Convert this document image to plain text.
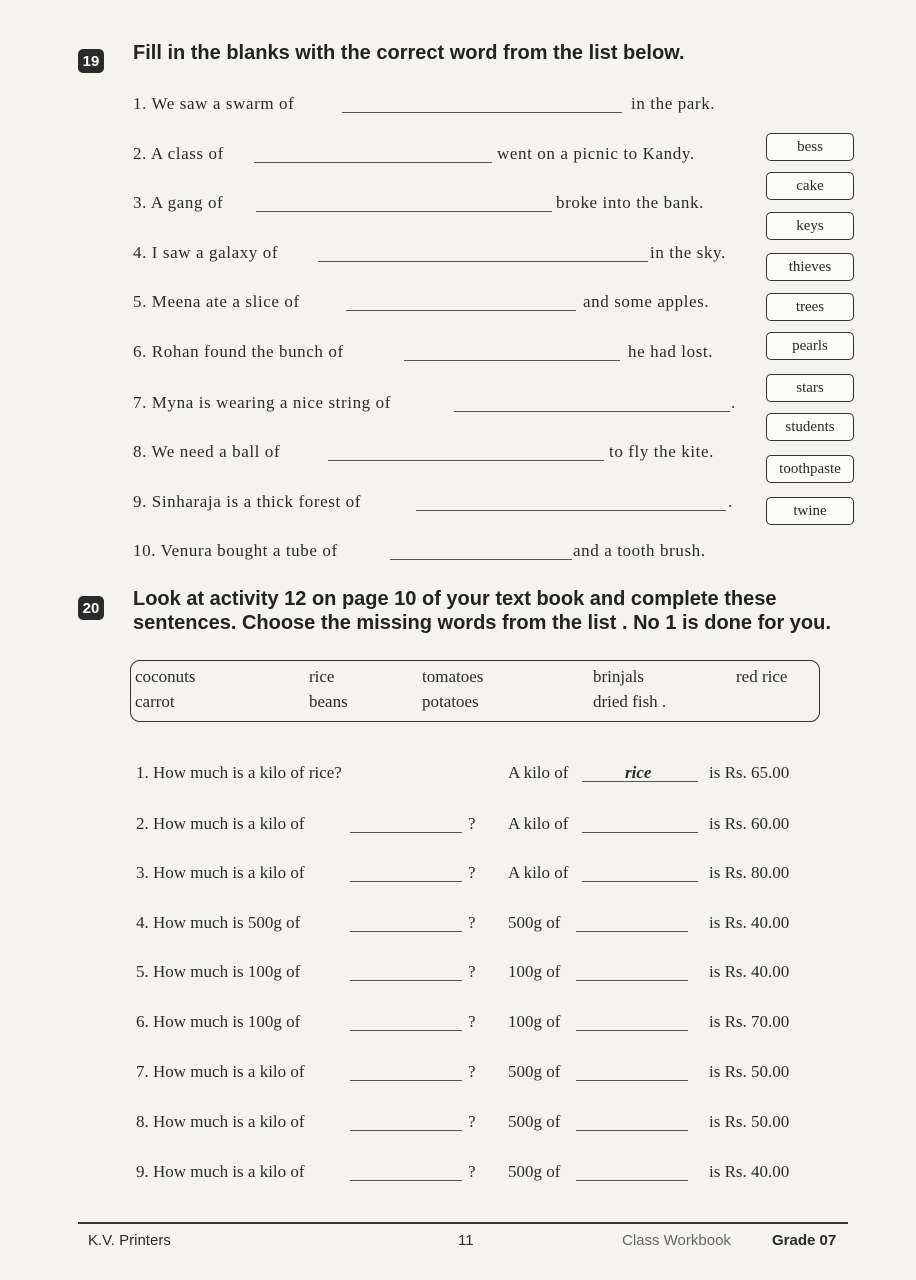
19 Fill in the blanks with the correct word from the list below.
1. We saw a swarm of	in the park.
2. A class of	went on a picnic to Kandy.
3. A gang of	broke into the bank.
4. I saw a galaxy of	in the sky.
5. Meena ate a slice of	and some apples.
6. Rohan found the bunch of	he had lost.
7. Myna is wearing a nice string of	.
8. We need a ball of	to fly the kite.
9. Sinharaja is a thick forest of	.
10. Venura bought a tube of	and a tooth brush.
bess
cake
keys
thieves
trees
pearls
stars
students
toothpaste
twine
20 Look at activity 12 on page 10 of your text book and complete these
sentences. Choose the missing words from the list . No 1 is done for you.
coconuts	rice	tomatoes	brinjals	red rice
carrot	beans	potatoes	dried fish .
1. How much is a kilo of rice?	A kilo of	rice	is Rs. 65.00
2. How much is a kilo of	? A kilo of	is Rs. 60.00
3. How much is a kilo of	? A kilo of	is Rs. 80.00
4. How much is 500g of	? 500g of	is Rs. 40.00
5. How much is 100g of	? 100g of	is Rs. 40.00
6. How much is 100g of	? 100g of	is Rs. 70.00
7. How much is a kilo of	? 500g of	is Rs. 50.00
8. How much is a kilo of	? 500g of	is Rs. 50.00
9. How much is a kilo of	? 500g of	is Rs. 40.00
K.V. Printers	11	Class Workbook	Grade 07
